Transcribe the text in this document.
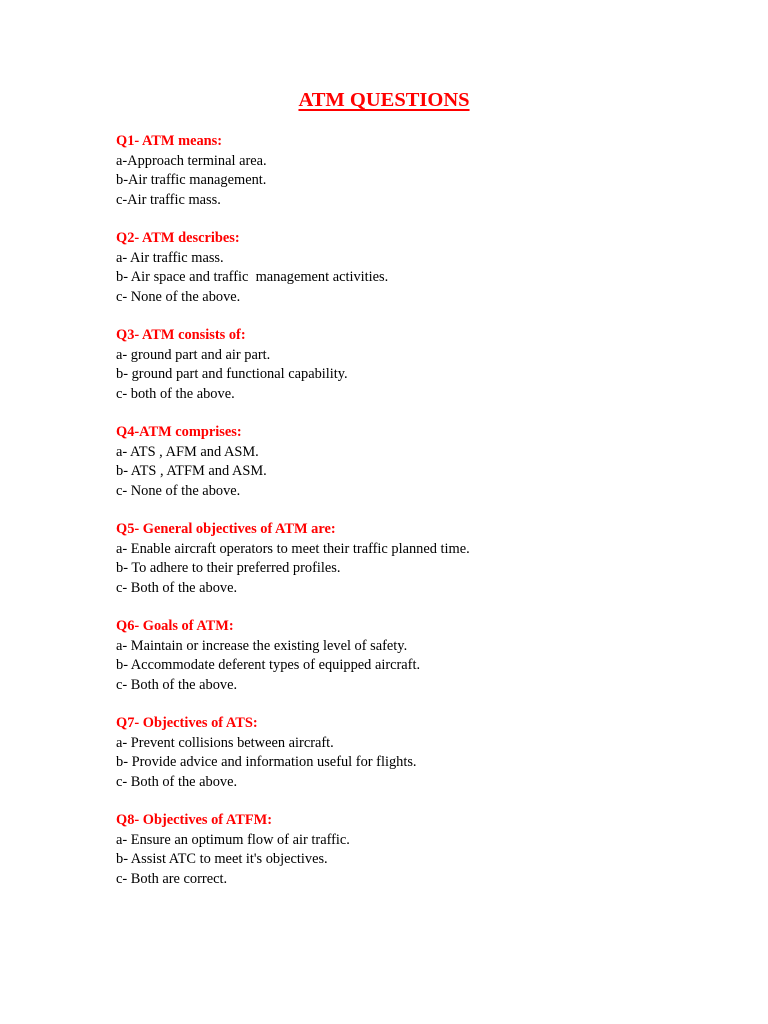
ATM QUESTIONS

Q1- ATM means:

a-Approach terminal area.

b-Air traffic management.

c-Air traffic mass.

Q2- ATM describes:

a- Air traffic mass.

b- Air space and traffic  management activities.

c- None of the above.

Q3- ATM consists of:

a- ground part and air part.

b- ground part and functional capability.

c- both of the above.

Q4-ATM comprises:

a- ATS , AFM and ASM.

b- ATS , ATFM and ASM.

c- None of the above.

Q5- General objectives of ATM are:

a- Enable aircraft operators to meet their traffic planned time.

b- To adhere to their preferred profiles.

c- Both of the above.

Q6- Goals of ATM:

a- Maintain or increase the existing level of safety.

b- Accommodate deferent types of equipped aircraft.

c- Both of the above.

Q7- Objectives of ATS:

a- Prevent collisions between aircraft.

b- Provide advice and information useful for flights.

c- Both of the above.

Q8- Objectives of ATFM:

a- Ensure an optimum flow of air traffic.

b- Assist ATC to meet it's objectives.

c- Both are correct.
